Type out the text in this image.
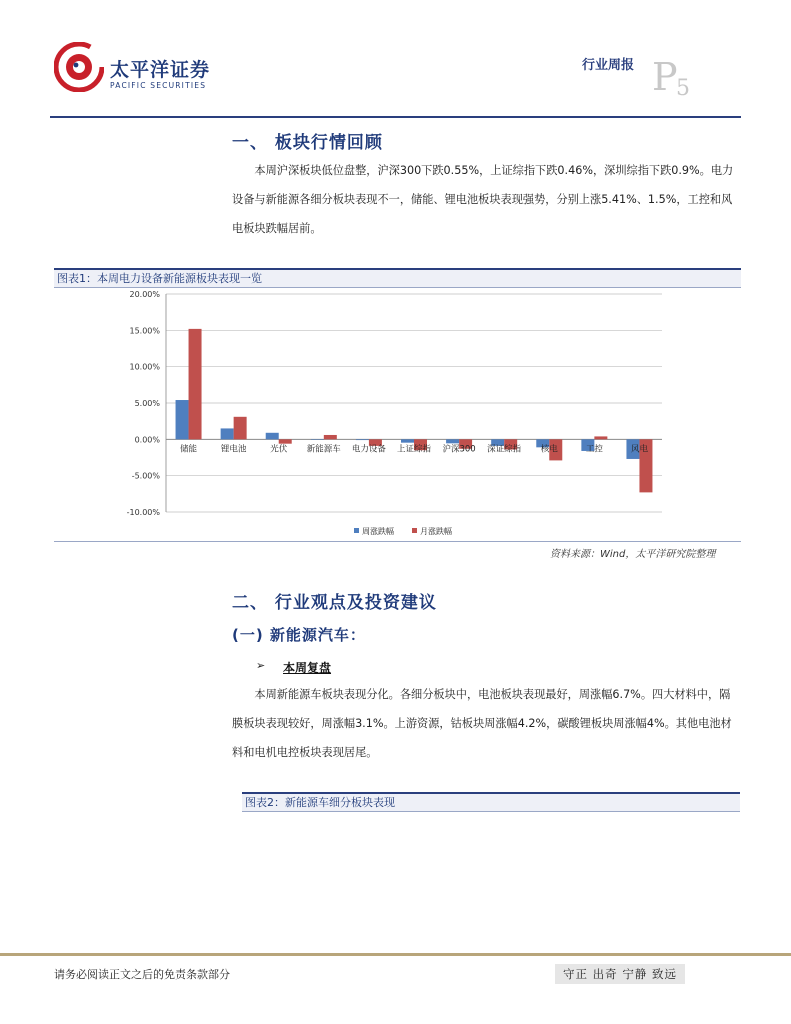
太平洋证券
PACIFIC SECURITIES
行业周报 P
5
一、 板块行情回顾
本周沪深板块低位盘整，沪深300下跌0.55%，上证综指下跌0.46%，深圳综指下跌0.9%。电力设备与新能源各细分板块表现不一，储能、锂电池板块表现强势，分别上涨5.41%、1.5%，工控和风电板块跌幅居前。
图表1：本周电力设备新能源板块表现一览
-10.00%
-5.00%
0.00%
5.00%
10.00%
15.00%
20.00%
储能	锂电池	光伏 新能源车 电力设备 上证综指 沪深300 深证综指 核电	工控	风电
周涨跌幅	月涨跌幅
资料来源：Wind，太平洋研究院整理
二、 行业观点及投资建议
(一) 新能源汽车：
➢ 本周复盘
本周新能源车板块表现分化。各细分板块中，电池板块表现最好，周涨幅6.7%。四大材料中，隔膜板块表现较好，周涨幅3.1%。上游资源，钴板块周涨幅4.2%，碳酸锂板块周涨幅4%。其他电池材料和电机电控板块表现居尾。
图表2：新能源车细分板块表现
请务必阅读正文之后的免责条款部分	守正 出奇 宁静 致远
